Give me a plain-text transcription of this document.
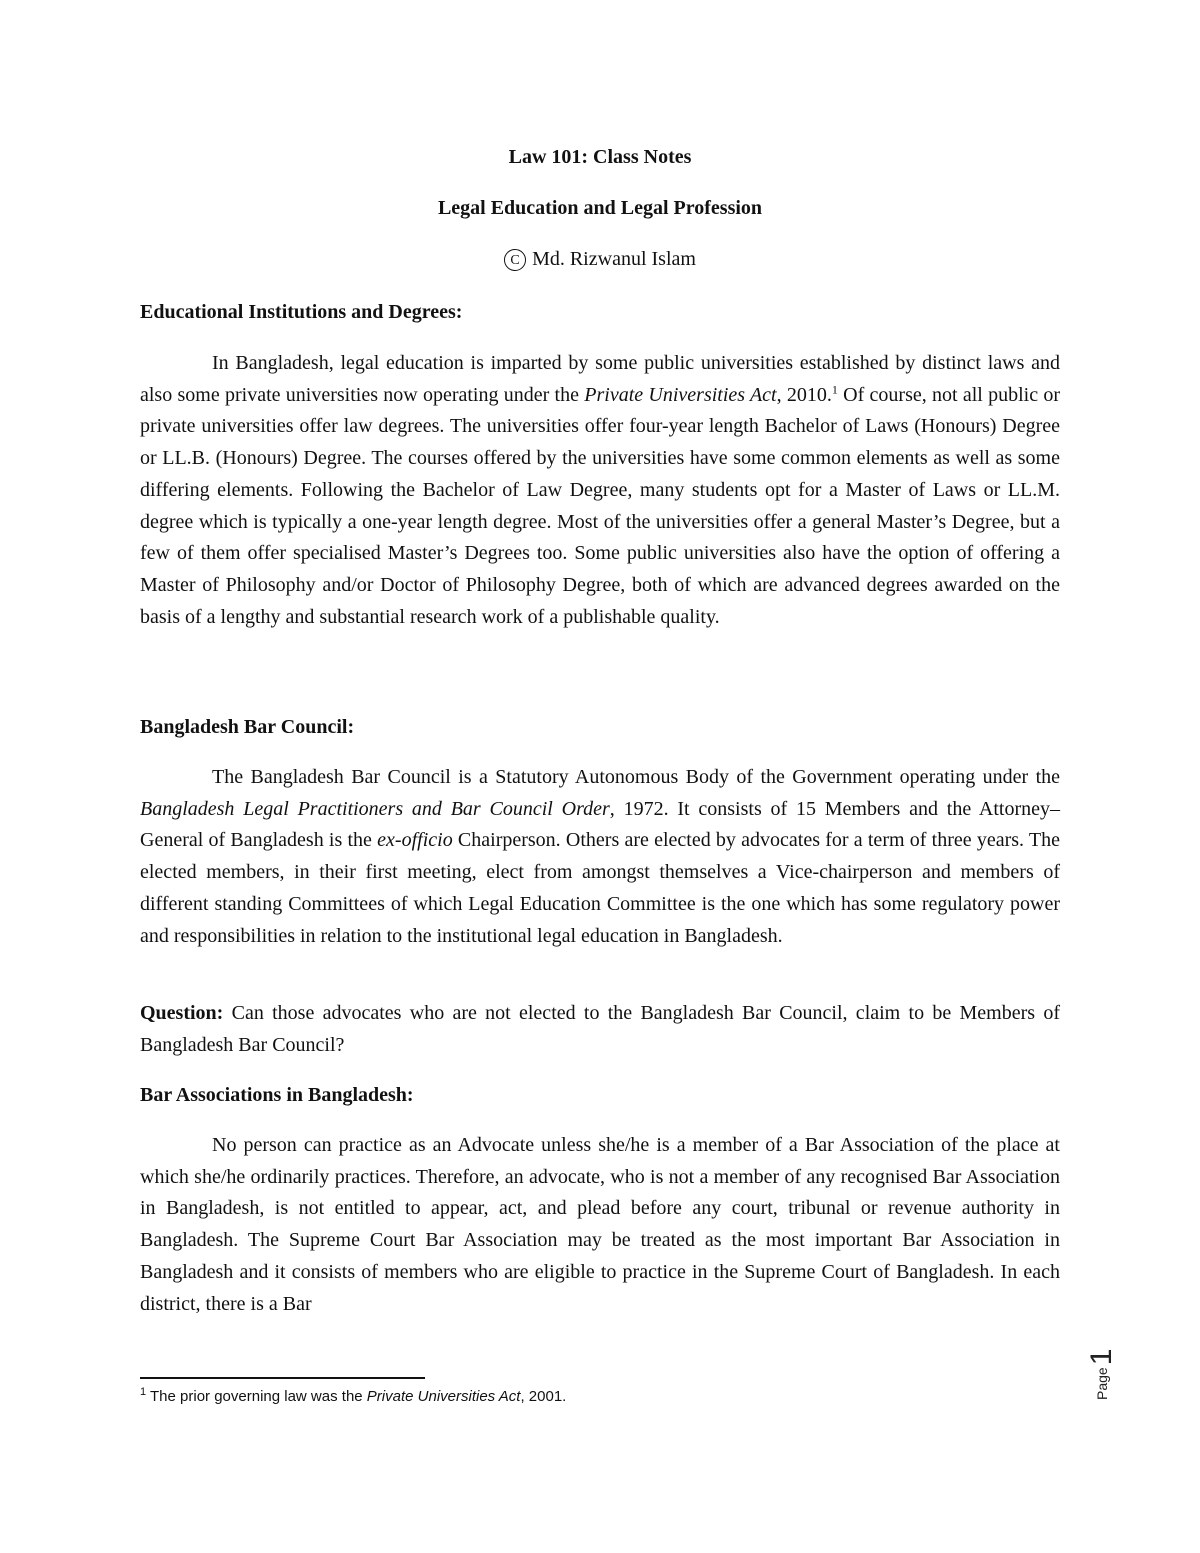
Law 101: Class Notes
Legal Education and Legal Profession
C Md. Rizwanul Islam
Educational Institutions and Degrees:

In Bangladesh, legal education is imparted by some public universities established by distinct laws and also some private universities now operating under the Private Universities Act, 2010.$^1$ Of course, not all public or private universities offer law degrees. The universities offer four-year length Bachelor of Laws (Honours) Degree or LL.B. (Honours) Degree. The courses offered by the universities have some common elements as well as some differing elements. Following the Bachelor of Law Degree, many students opt for a Master of Laws or LL.M. degree which is typically a one-year length degree. Most of the universities offer a general Master’s Degree, but a few of them offer specialised Master’s Degrees too. Some public universities also have the option of offering a Master of Philosophy and/or Doctor of Philosophy Degree, both of which are advanced degrees awarded on the basis of a lengthy and substantial research work of a publishable quality.

Bangladesh Bar Council:

The Bangladesh Bar Council is a Statutory Autonomous Body of the Government operating under the Bangladesh Legal Practitioners and Bar Council Order, 1972. It consists of 15 Members and the Attorney–General of Bangladesh is the ex-officio Chairperson. Others are elected by advocates for a term of three years. The elected members, in their first meeting, elect from amongst themselves a Vice-chairperson and members of different standing Committees of which Legal Education Committee is the one which has some regulatory power and responsibilities in relation to the institutional legal education in Bangladesh.

Question: Can those advocates who are not elected to the Bangladesh Bar Council, claim to be Members of Bangladesh Bar Council?

Bar Associations in Bangladesh:

No person can practice as an Advocate unless she/he is a member of a Bar Association of the place at which she/he ordinarily practices. Therefore, an advocate, who is not a member of any recognised Bar Association in Bangladesh, is not entitled to appear, act, and plead before any court, tribunal or revenue authority in Bangladesh. The Supreme Court Bar Association may be treated as the most important Bar Association in Bangladesh and it consists of members who are eligible to practice in the Supreme Court of Bangladesh. In each district, there is a Bar

$^1$ The prior governing law was the Private Universities Act, 2001.	Page1
